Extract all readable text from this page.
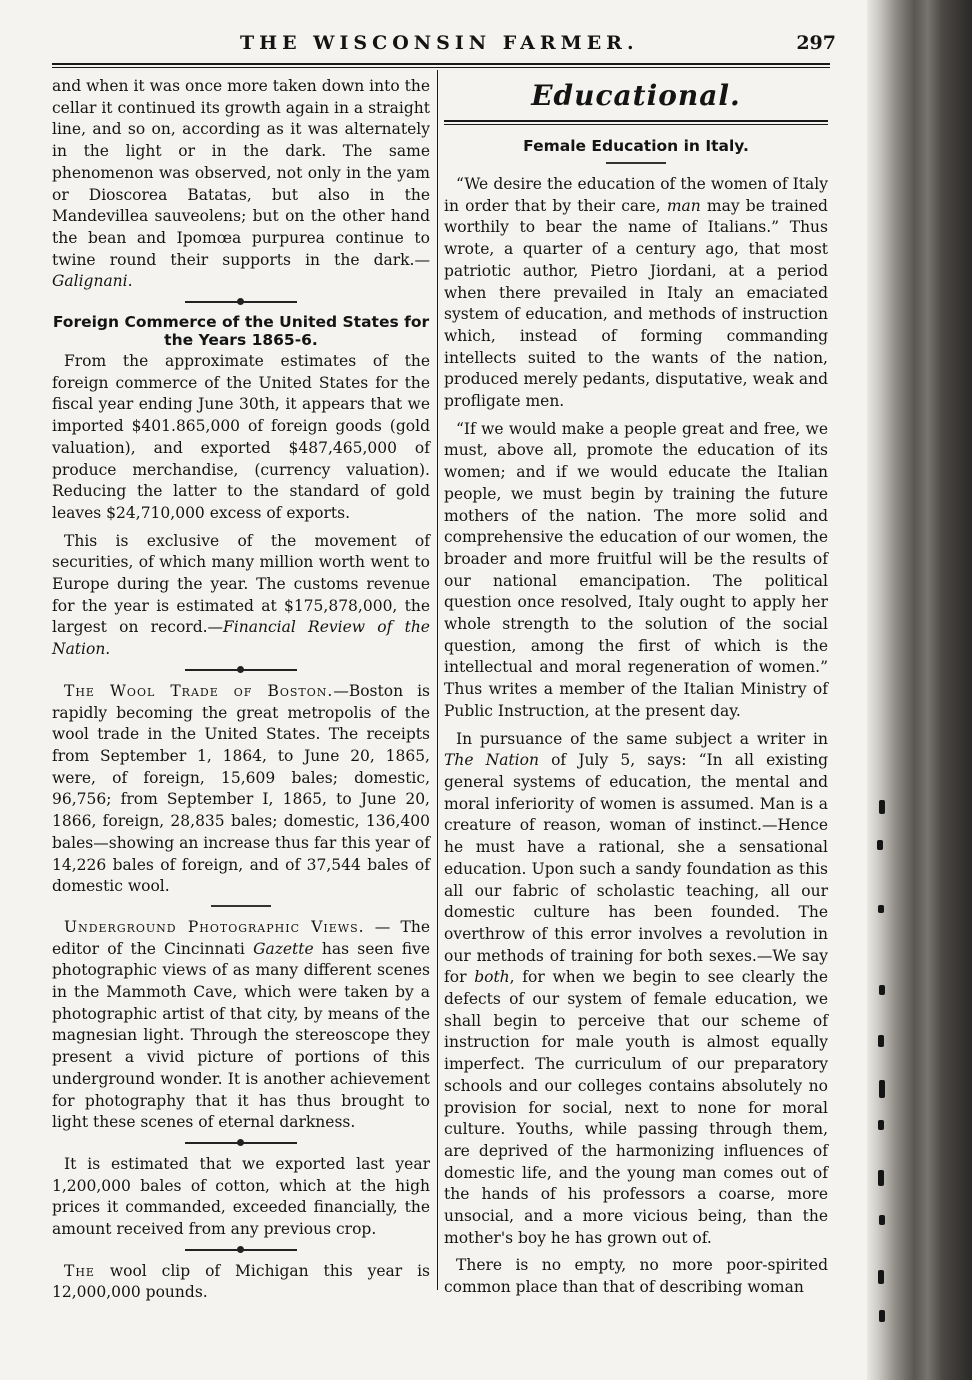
THE WISCONSIN FARMER.	297

and when it was once more taken down into the cellar it continued its growth again in a straight line, and so on, according as it was alternately in the light or in the dark. The same phenomenon was observed, not only in the yam or Dioscorea Batatas, but also in the Mandevillea sauveolens; but on the other hand the bean and Ipomœa purpurea continue to twine round their supports in the dark.—Galignani.

Foreign Commerce of the United States for the Years 1865-6.

From the approximate estimates of the foreign commerce of the United States for the fiscal year ending June 30th, it appears that we imported $401.865,000 of foreign goods (gold valuation), and exported $487,465,000 of produce merchandise, (currency valuation). Reducing the latter to the standard of gold leaves $24,710,000 excess of exports.

This is exclusive of the movement of securities, of which many million worth went to Europe during the year. The customs revenue for the year is estimated at $175,878,000, the largest on record.—Financial Review of the Nation.

The Wool Trade of Boston.—Boston is rapidly becoming the great metropolis of the wool trade in the United States. The receipts from September 1, 1864, to June 20, 1865, were, of foreign, 15,609 bales; domestic, 96,756; from September I, 1865, to June 20, 1866, foreign, 28,835 bales; domestic, 136,400 bales—showing an increase thus far this year of 14,226 bales of foreign, and of 37,544 bales of domestic wool.

Underground Photographic Views. — The editor of the Cincinnati Gazette has seen five photographic views of as many different scenes in the Mammoth Cave, which were taken by a photographic artist of that city, by means of the magnesian light. Through the stereoscope they present a vivid picture of portions of this underground wonder. It is another achievement for photography that it has thus brought to light these scenes of eternal darkness.

It is estimated that we exported last year 1,200,000 bales of cotton, which at the high prices it commanded, exceeded financially, the amount received from any previous crop.

The wool clip of Michigan this year is 12,000,000 pounds.

Educational.
Female Education in Italy.

“We desire the education of the women of Italy in order that by their care, man may be trained worthily to bear the name of Italians.” Thus wrote, a quarter of a century ago, that most patriotic author, Pietro Jiordani, at a period when there prevailed in Italy an emaciated system of education, and methods of instruction which, instead of forming commanding intellects suited to the wants of the nation, produced merely pedants, disputative, weak and profligate men.

“If we would make a people great and free, we must, above all, promote the education of its women; and if we would educate the Italian people, we must begin by training the future mothers of the nation. The more solid and comprehensive the education of our women, the broader and more fruitful will be the results of our national emancipation. The political question once resolved, Italy ought to apply her whole strength to the solution of the social question, among the first of which is the intellectual and moral regeneration of women.” Thus writes a member of the Italian Ministry of Public Instruction, at the present day.

In pursuance of the same subject a writer in The Nation of July 5, says: “In all existing general systems of education, the mental and moral inferiority of women is assumed. Man is a creature of reason, woman of instinct.—Hence he must have a rational, she a sensational education. Upon such a sandy foundation as this all our fabric of scholastic teaching, all our domestic culture has been founded. The overthrow of this error involves a revolution in our methods of training for both sexes.—We say for both, for when we begin to see clearly the defects of our system of female education, we shall begin to perceive that our scheme of instruction for male youth is almost equally imperfect. The curriculum of our preparatory schools and our colleges contains absolutely no provision for social, next to none for moral culture. Youths, while passing through them, are deprived of the harmonizing influences of domestic life, and the young man comes out of the hands of his professors a coarse, more unsocial, and a more vicious being, than the mother's boy he has grown out of.

There is no empty, no more poor-spirited common place than that of describing woman
